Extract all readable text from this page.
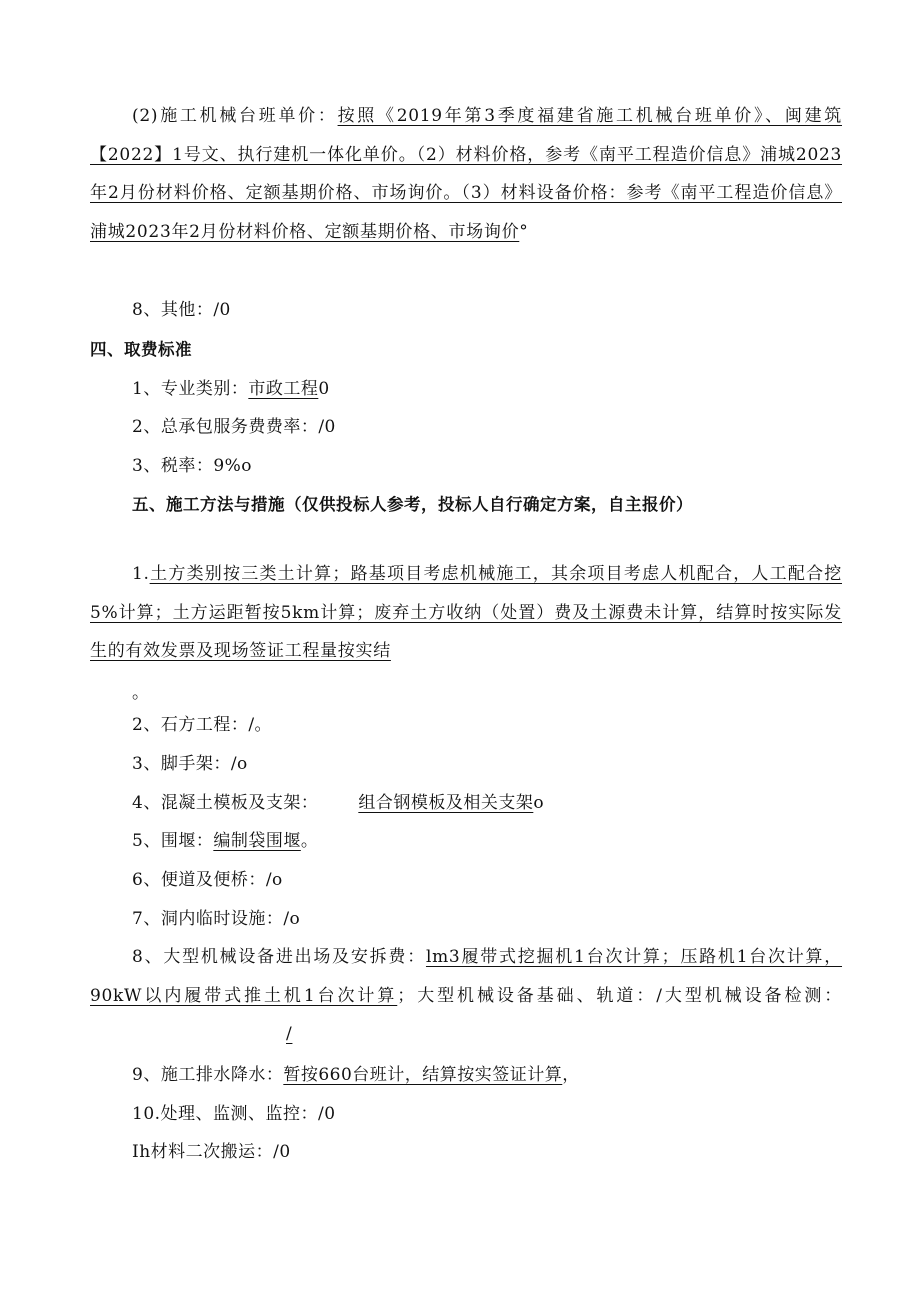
(2)施工机械台班单价：按照《2019年第3季度福建省施工机械台班单价》、闽建筑【2022】1号文、执行建机一体化单价。（2）材料价格，参考《南平工程造价信息》浦城2023年2月份材料价格、定额基期价格、市场询价。（3）材料设备价格：参考《南平工程造价信息》浦城2023年2月份材料价格、定额基期价格、市场询价°
8、其他：/0
四、取费标准
1、专业类别：市政工程0
2、总承包服务费费率：/0
3、税率：9%o
五、施工方法与措施（仅供投标人参考，投标人自行确定方案，自主报价）
1.土方类别按三类土计算；路基项目考虑机械施工，其余项目考虑人机配合，人工配合挖5%计算；土方运距暂按5km计算；废弃土方收纳（处置）费及土源费未计算，结算时按实际发生的有效发票及现场签证工程量按实结
。
2、石方工程：/。
3、脚手架：/o
4、混凝土模板及支架： 组合钢模板及相关支架o
5、围堰：编制袋围堰。
6、便道及便桥：/o
7、洞内临时设施：/o
8、大型机械设备进出场及安拆费：lm3履带式挖掘机1台次计算；压路机1台次计算，90kW以内履带式推土机1台次计算；大型机械设备基础、轨道：/大型机械设备检测：/
9、施工排水降水：暂按660台班计，结算按实签证计算，
10.处理、监测、监控：/0
Ih材料二次搬运：/0
